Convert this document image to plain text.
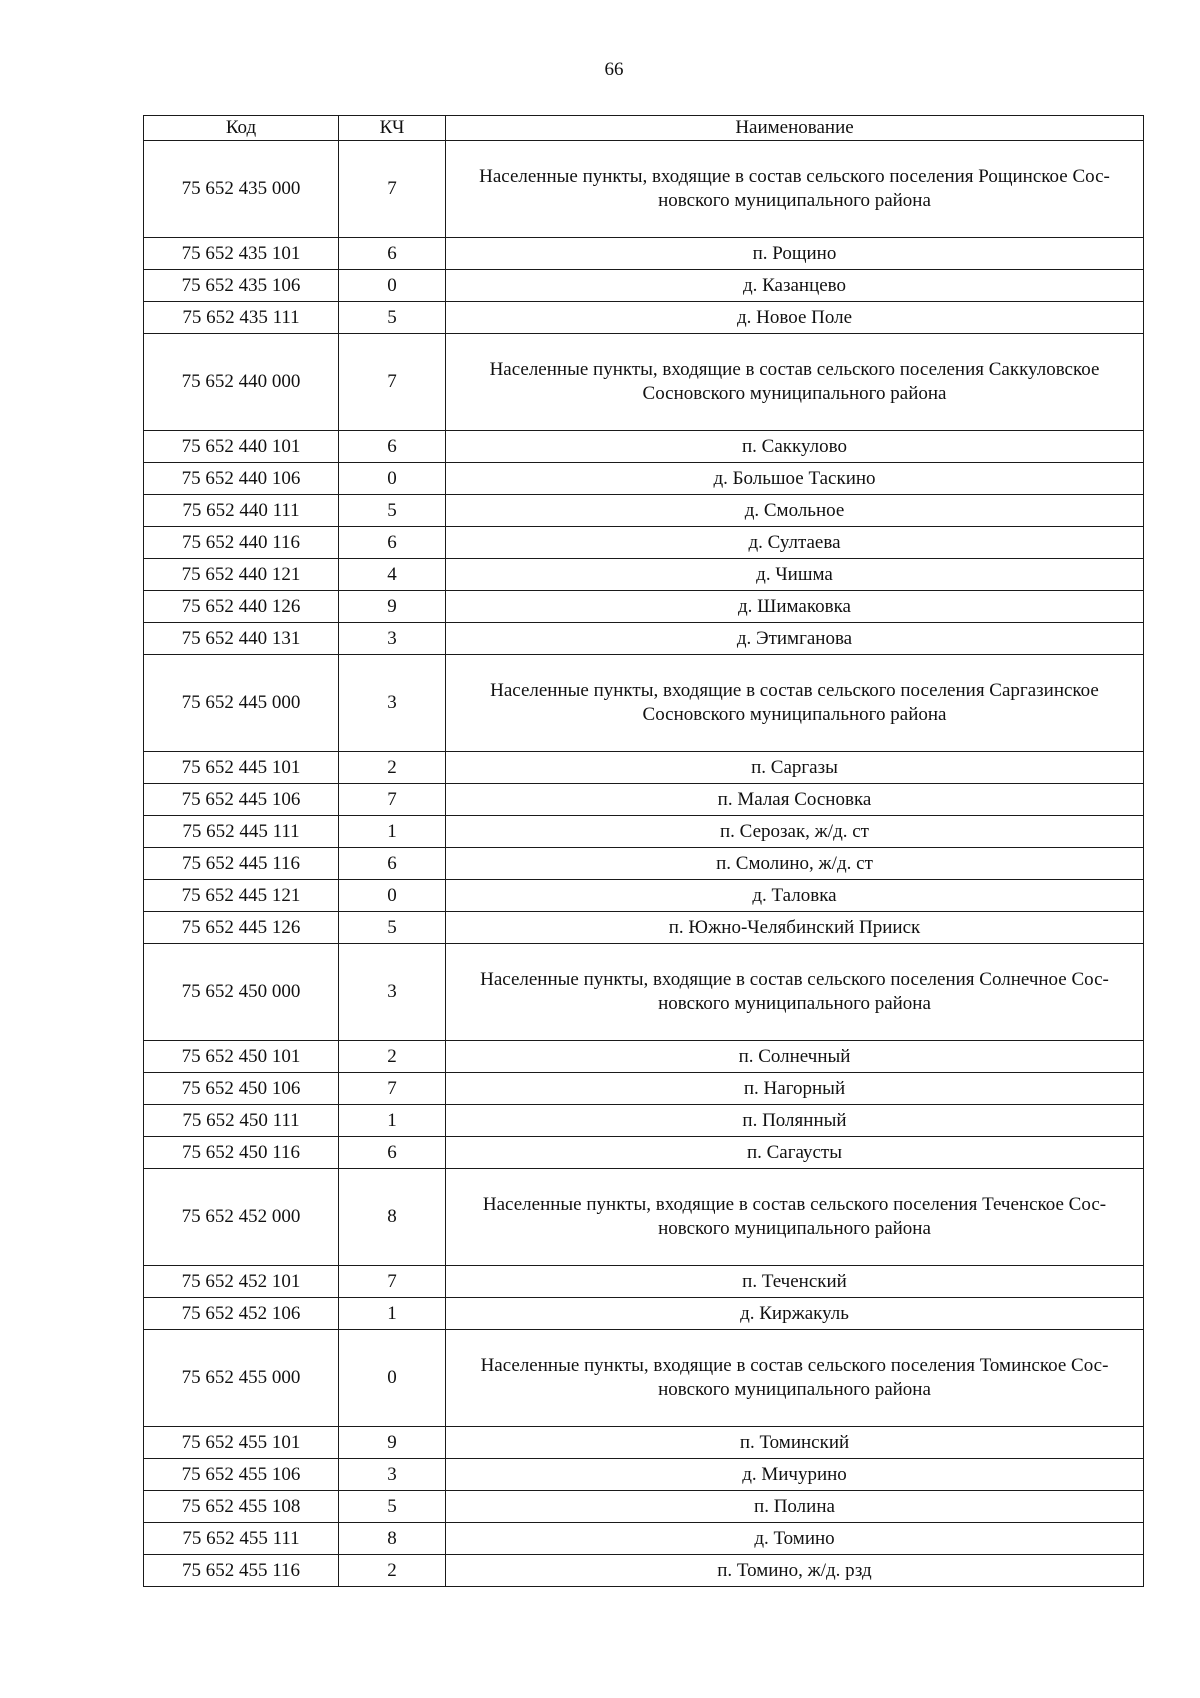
66
Код	КЧ	Наименование
75 652 435 000	7	Населенные пункты, входящие в состав сельского поселения Рощинское Сос-
новского муниципального района

75 652 435 101	6	п. Рощино
75 652 435 106	0	д. Казанцево
75 652 435 111	5	д. Новое Поле
75 652 440 000	7	Населенные пункты, входящие в состав сельского поселения Саккуловское
Сосновского муниципального района

75 652 440 101	6	п. Саккулово
75 652 440 106	0	д. Большое Таскино
75 652 440 111	5	д. Смольное
75 652 440 116	6	д. Султаева
75 652 440 121	4	д. Чишма
75 652 440 126	9	д. Шимаковка
75 652 440 131	3	д. Этимганова
75 652 445 000	3	Населенные пункты, входящие в состав сельского поселения Саргазинское
Сосновского муниципального района

75 652 445 101	2	п. Саргазы
75 652 445 106	7	п. Малая Сосновка
75 652 445 111	1	п. Серозак, ж/д. ст
75 652 445 116	6	п. Смолино, ж/д. ст
75 652 445 121	0	д. Таловка
75 652 445 126	5	п. Южно-Челябинский Прииск
75 652 450 000	3	Населенные пункты, входящие в состав сельского поселения Солнечное Сос-
новского муниципального района

75 652 450 101	2	п. Солнечный
75 652 450 106	7	п. Нагорный
75 652 450 111	1	п. Полянный
75 652 450 116	6	п. Сагаусты
75 652 452 000	8	Населенные пункты, входящие в состав сельского поселения Теченское Сос-
новского муниципального района

75 652 452 101	7	п. Теченский
75 652 452 106	1	д. Киржакуль
75 652 455 000	0	Населенные пункты, входящие в состав сельского поселения Томинское Сос-
новского муниципального района

75 652 455 101	9	п. Томинский
75 652 455 106	3	д. Мичурино
75 652 455 108	5	п. Полина
75 652 455 111	8	д. Томино
75 652 455 116	2	п. Томино, ж/д. рзд
